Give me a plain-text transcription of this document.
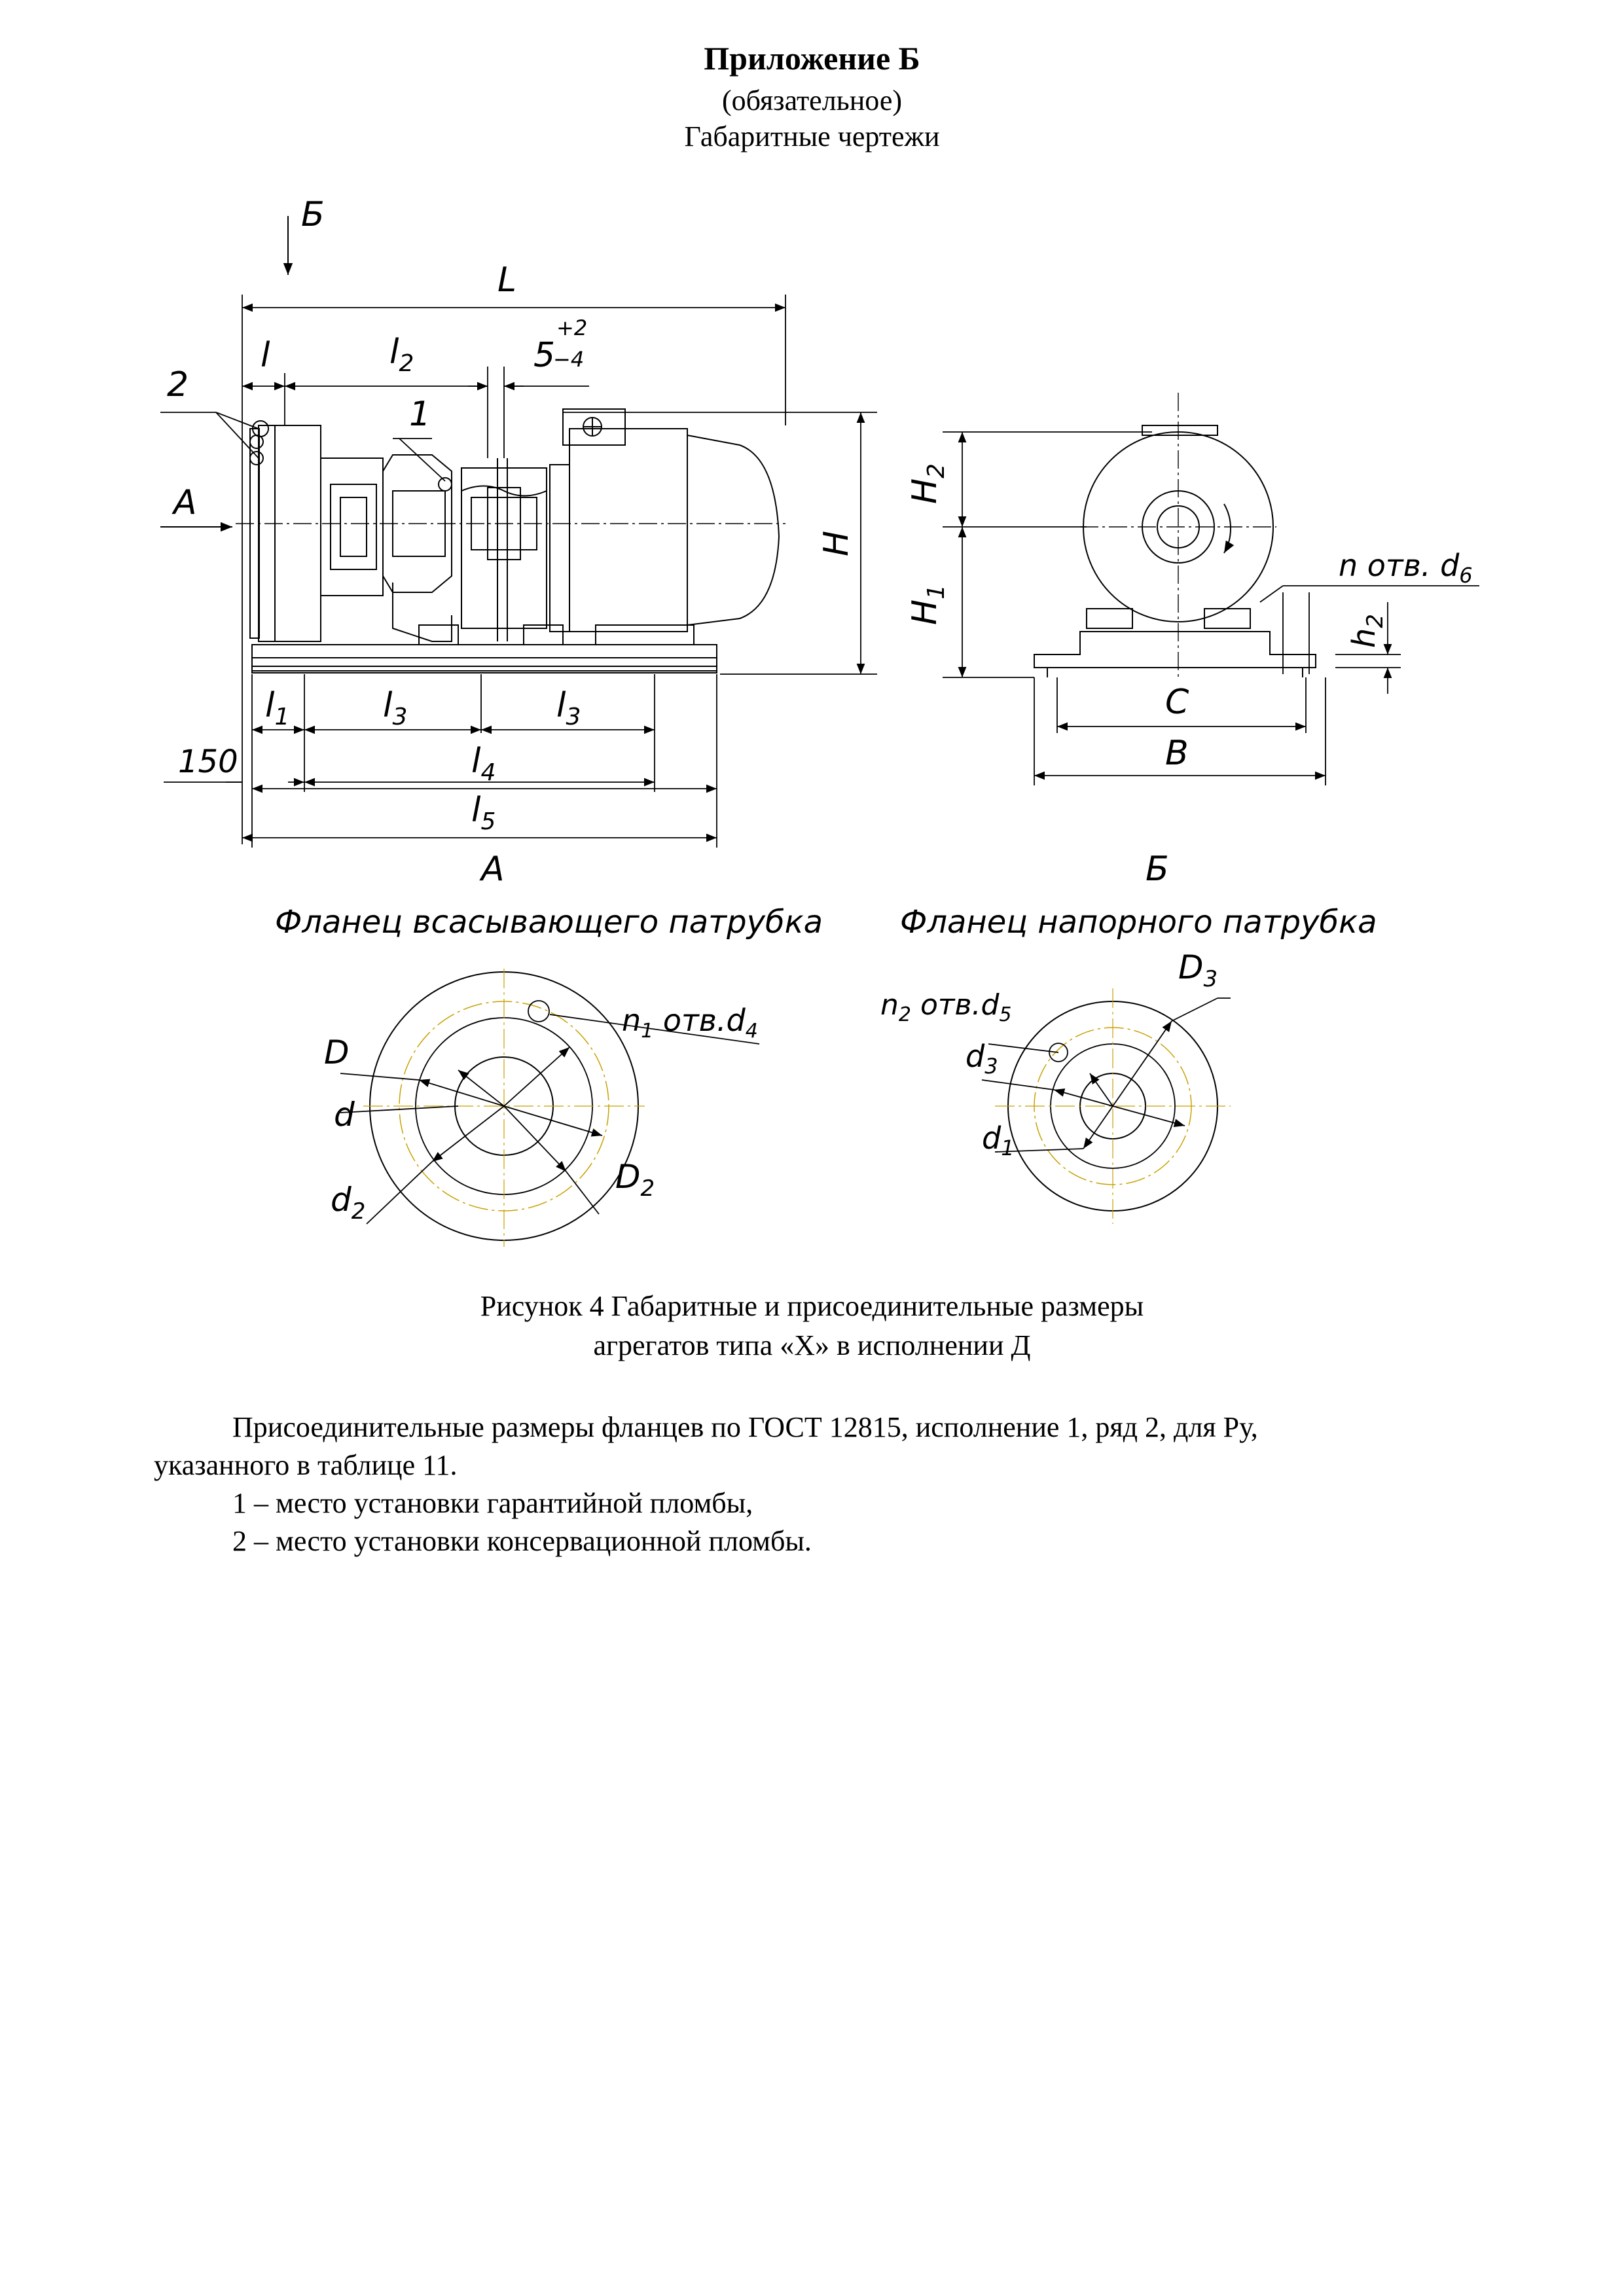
Приложение Б
(обязательное)
Габаритные чертежи
Б
А
L
l	$l_2$	5
+2
−4
H
2
1
$l_1$	$l_3$	$l_3$
150	$l_4$
$l_5$
А
$H_2$
$H_1$
$h_2$
n отв. $d_6$
C
B
Б
Фланец всасывающего патрубка Фланец напорного патрубка
D
d
$d_2$
$D_2$
$n_1$ $отв.d_4$
$D_3$
$n_2$ $отв.d_5$
$d_3$
$d_1$
Рисунок 4 Габаритные и присоединительные размеры
агрегатов типа «Х» в исполнении Д
Присоединительные размеры фланцев по ГОСТ 12815, исполнение 1, ряд 2, для Ру,
указанного в таблице 11.
1 – место установки гарантийной пломбы,
2 – место установки консервационной пломбы.
